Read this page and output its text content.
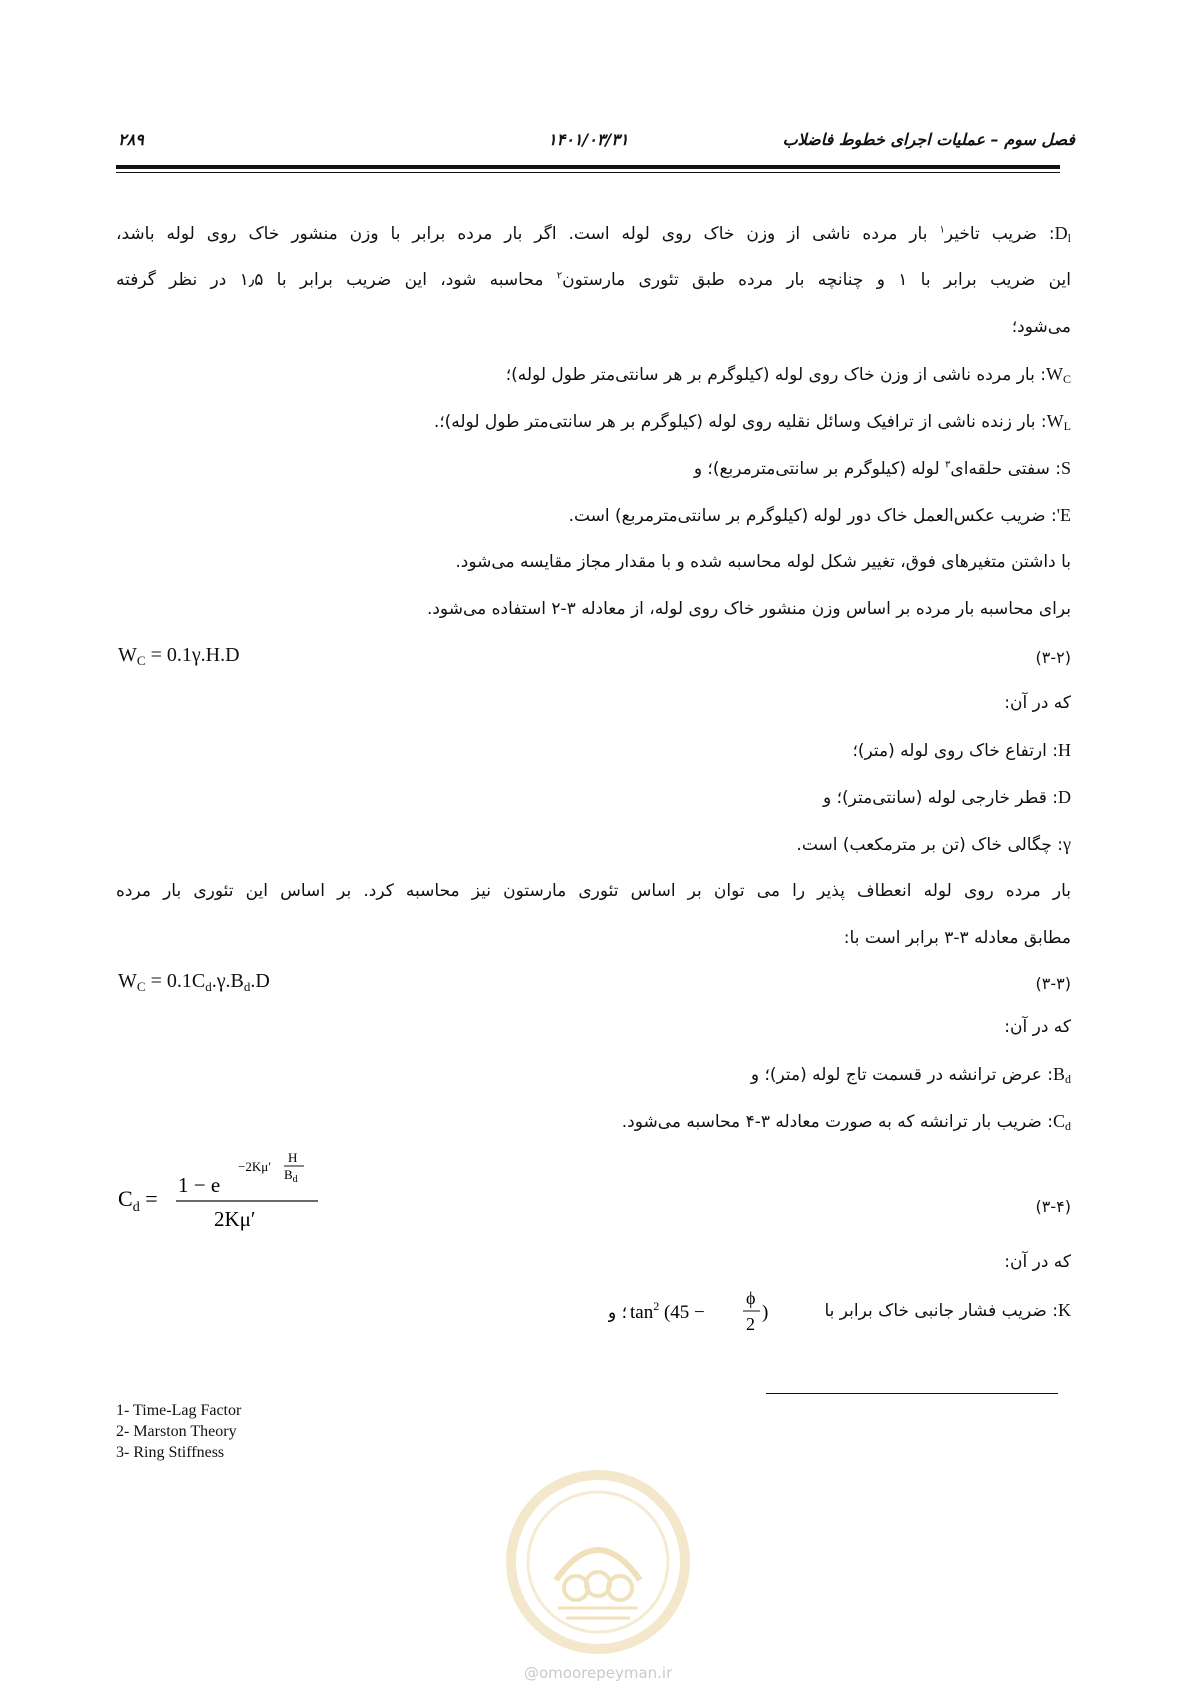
فصل سوم – عملیات اجرای خطوط فاضلاب
۱۴۰۱/۰۳/۳۱
۲۸۹
$D_l$: ضریب تاخیر$^۱$ بار مرده ناشی از وزن خاک روی لوله است. اگر بار مرده برابر با وزن منشور خاک روی لوله باشد،
این ضریب برابر با ۱ و چنانچه بار مرده طبق تئوری مارستون$^۲$ محاسبه شود، این ضریب برابر با ۱٫۵ در نظر گرفته
می‌شود؛
$W_C$: بار مرده ناشی از وزن خاک روی لوله (کیلوگرم بر هر سانتی‌متر طول لوله)؛
$W_L$: بار زنده ناشی از ترافیک وسائل نقلیه روی لوله (کیلوگرم بر هر سانتی‌متر طول لوله)؛.
S: سفتی حلقه‌ای$^۳$ لوله (کیلوگرم بر سانتی‌مترمربع)؛ و
E': ضریب عکس‌العمل خاک دور لوله (کیلوگرم بر سانتی‌مترمربع) است.
با داشتن متغیرهای فوق، تغییر شکل لوله محاسبه شده و با مقدار مجاز مقایسه می‌شود.
برای محاسبه بار مرده بر اساس وزن منشور خاک روی لوله، از معادله ۳-۲ استفاده می‌شود.
$W_C = 0.1\gamma.H.D$	(۳-۲)
که در آن:
H: ارتفاع خاک روی لوله (متر)؛
D: قطر خارجی لوله (سانتی‌متر)؛ و
γ: چگالی خاک (تن بر مترمکعب) است.
بار مرده روی لوله انعطاف پذیر را می توان بر اساس تئوری مارستون نیز محاسبه کرد. بر اساس این تئوری بار مرده
مطابق معادله ۳-۳ برابر است با:
$W_C = 0.1C_d.\gamma.B_d.D$	(۳-۳)
که در آن:
$B_d$: عرض ترانشه در قسمت تاج لوله (متر)؛ و
$C_d$: ضریب بار ترانشه که به صورت معادله ۳-۴ محاسبه می‌شود.
$C_d$ =
1 − e
−2Kμ′
H
$B_d$
2Kμ′
(۳-۴)
که در آن:
K: ضریب فشار جانبی خاک برابر با
؛ و $\tan^2 (45$ −
ϕ
2
)
1- Time-Lag Factor
2- Marston Theory
3- Ring Stiffness
@omoorepeyman.ir
